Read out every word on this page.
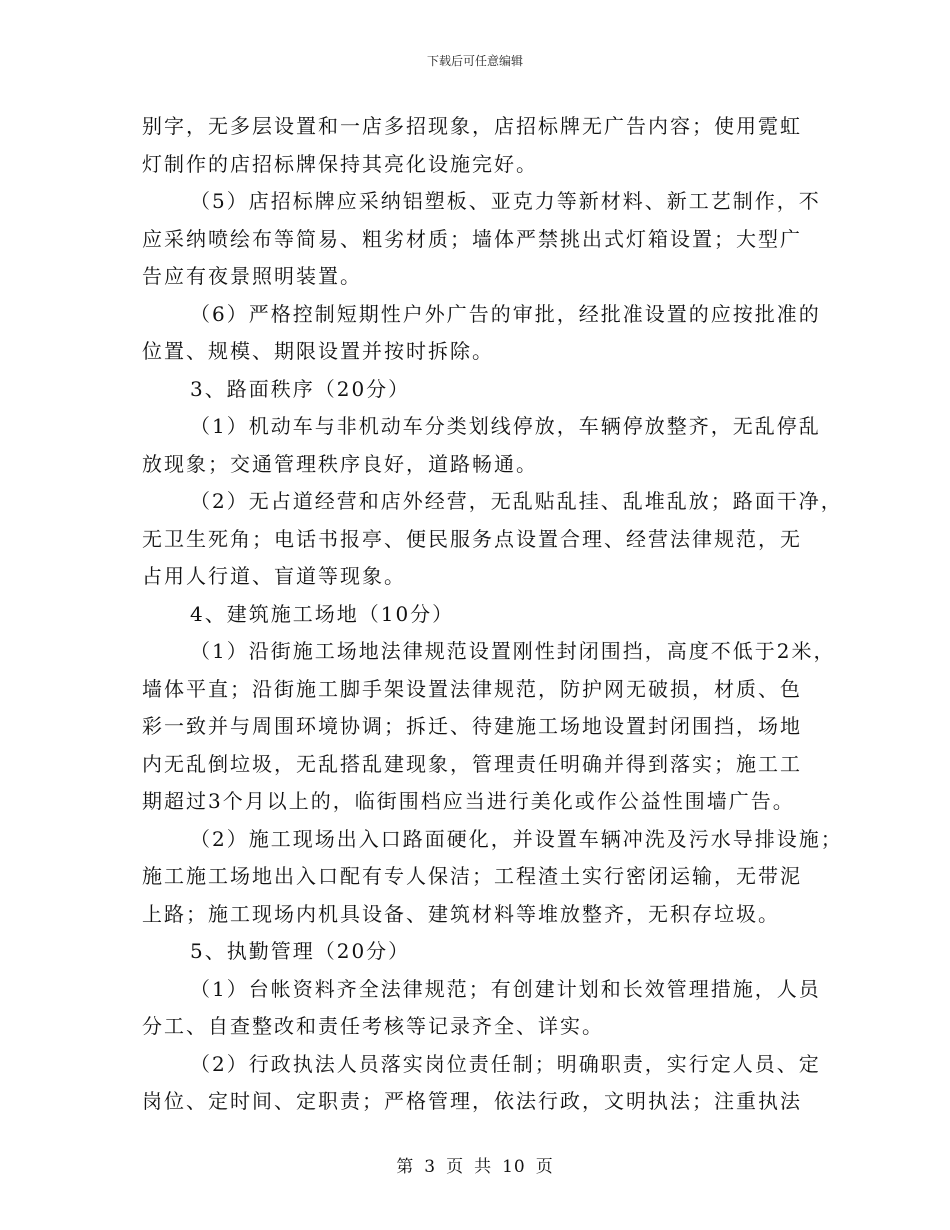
下载后可任意编辑
别字，无多层设置和一店多招现象，店招标牌无广告内容；使用霓虹
灯制作的店招标牌保持其亮化设施完好。
（5）店招标牌应采纳铝塑板、亚克力等新材料、新工艺制作，不
应采纳喷绘布等简易、粗劣材质；墙体严禁挑出式灯箱设置；大型广
告应有夜景照明装置。
（6）严格控制短期性户外广告的审批，经批准设置的应按批准的
位置、规模、期限设置并按时拆除。
3、路面秩序（20分）
（1）机动车与非机动车分类划线停放，车辆停放整齐，无乱停乱
放现象；交通管理秩序良好，道路畅通。
（2）无占道经营和店外经营，无乱贴乱挂、乱堆乱放；路面干净，
无卫生死角；电话书报亭、便民服务点设置合理、经营法律规范，无
占用人行道、盲道等现象。
4、建筑施工场地（10分）
（1）沿街施工场地法律规范设置刚性封闭围挡，高度不低于2米，
墙体平直；沿街施工脚手架设置法律规范，防护网无破损，材质、色
彩一致并与周围环境协调；拆迁、待建施工场地设置封闭围挡，场地
内无乱倒垃圾，无乱搭乱建现象，管理责任明确并得到落实；施工工
期超过3个月以上的，临街围档应当进行美化或作公益性围墙广告。
（2）施工现场出入口路面硬化，并设置车辆冲洗及污水导排设施；
施工施工场地出入口配有专人保洁；工程渣土实行密闭运输，无带泥
上路；施工现场内机具设备、建筑材料等堆放整齐，无积存垃圾。
5、执勤管理（20分）
（1）台帐资料齐全法律规范；有创建计划和长效管理措施，人员
分工、自查整改和责任考核等记录齐全、详实。
（2）行政执法人员落实岗位责任制；明确职责，实行定人员、定
岗位、定时间、定职责；严格管理，依法行政，文明执法；注重执法
第 3 页 共 10 页
